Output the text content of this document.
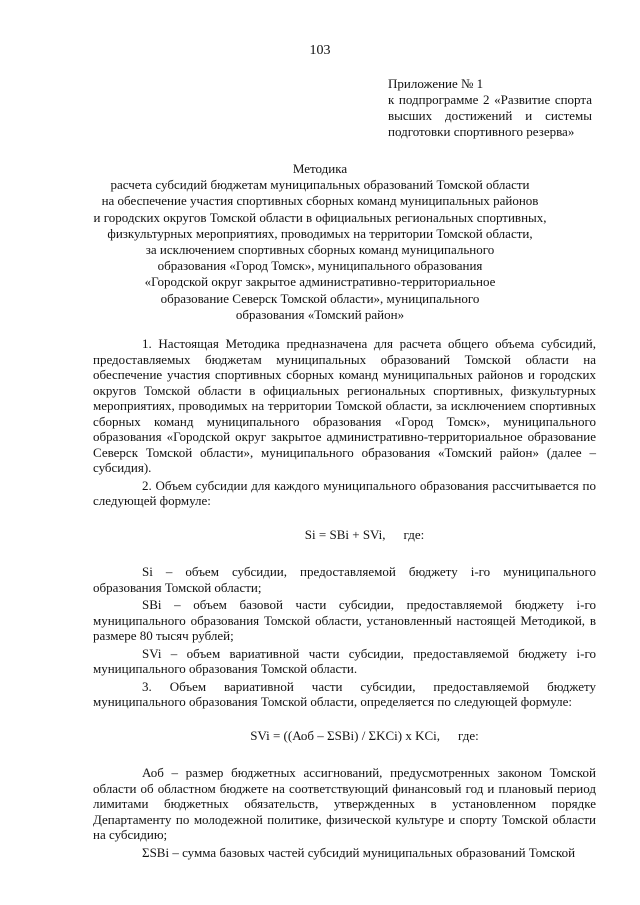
103
Приложение № 1
к подпрограмме 2 «Развитие спорта
высших достижений и системы
подготовки спортивного резерва»
Методика
расчета субсидий бюджетам муниципальных образований Томской области
на обеспечение участия спортивных сборных команд муниципальных районов
и городских округов Томской области в официальных региональных спортивных,
физкультурных мероприятиях, проводимых на территории Томской области,
за исключением спортивных сборных команд муниципального
образования «Город Томск», муниципального образования
«Городской округ закрытое административно-территориальное
образование Северск Томской области», муниципального
образования «Томский район»

1. Настоящая Методика предназначена для расчета общего объема субсидий, предоставляемых бюджетам муниципальных образований Томской области на обеспечение участия спортивных сборных команд муниципальных районов и городских округов Томской области в официальных региональных спортивных, физкультурных мероприятиях, проводимых на территории Томской области, за исключением спортивных сборных команд муниципального образования «Город Томск», муниципального образования «Городской округ закрытое административно-территориальное образование Северск Томской области», муниципального образования «Томский район» (далее – субсидия).

2. Объем субсидии для каждого муниципального образования рассчитывается по следующей формуле:

Si = SBi + SVi, где:

Si – объем субсидии, предоставляемой бюджету i-го муниципального образования Томской области;

SBi – объем базовой части субсидии, предоставляемой бюджету i-го муниципального образования Томской области, установленный настоящей Методикой, в размере 80 тысяч рублей;

SVi – объем вариативной части субсидии, предоставляемой бюджету i-го муниципального образования Томской области.

3. Объем вариативной части субсидии, предоставляемой бюджету муниципального образования Томской области, определяется по следующей формуле:

SVi = ((Аоб – ΣSBi) / ΣKCi) x KCi, где:

Аоб – размер бюджетных ассигнований, предусмотренных законом Томской области об областном бюджете на соответствующий финансовый год и плановый период лимитами бюджетных обязательств, утвержденных в установленном порядке Департаменту по молодежной политике, физической культуре и спорту Томской области на субсидию;

ΣSBi – сумма базовых частей субсидий муниципальных образований Томской
